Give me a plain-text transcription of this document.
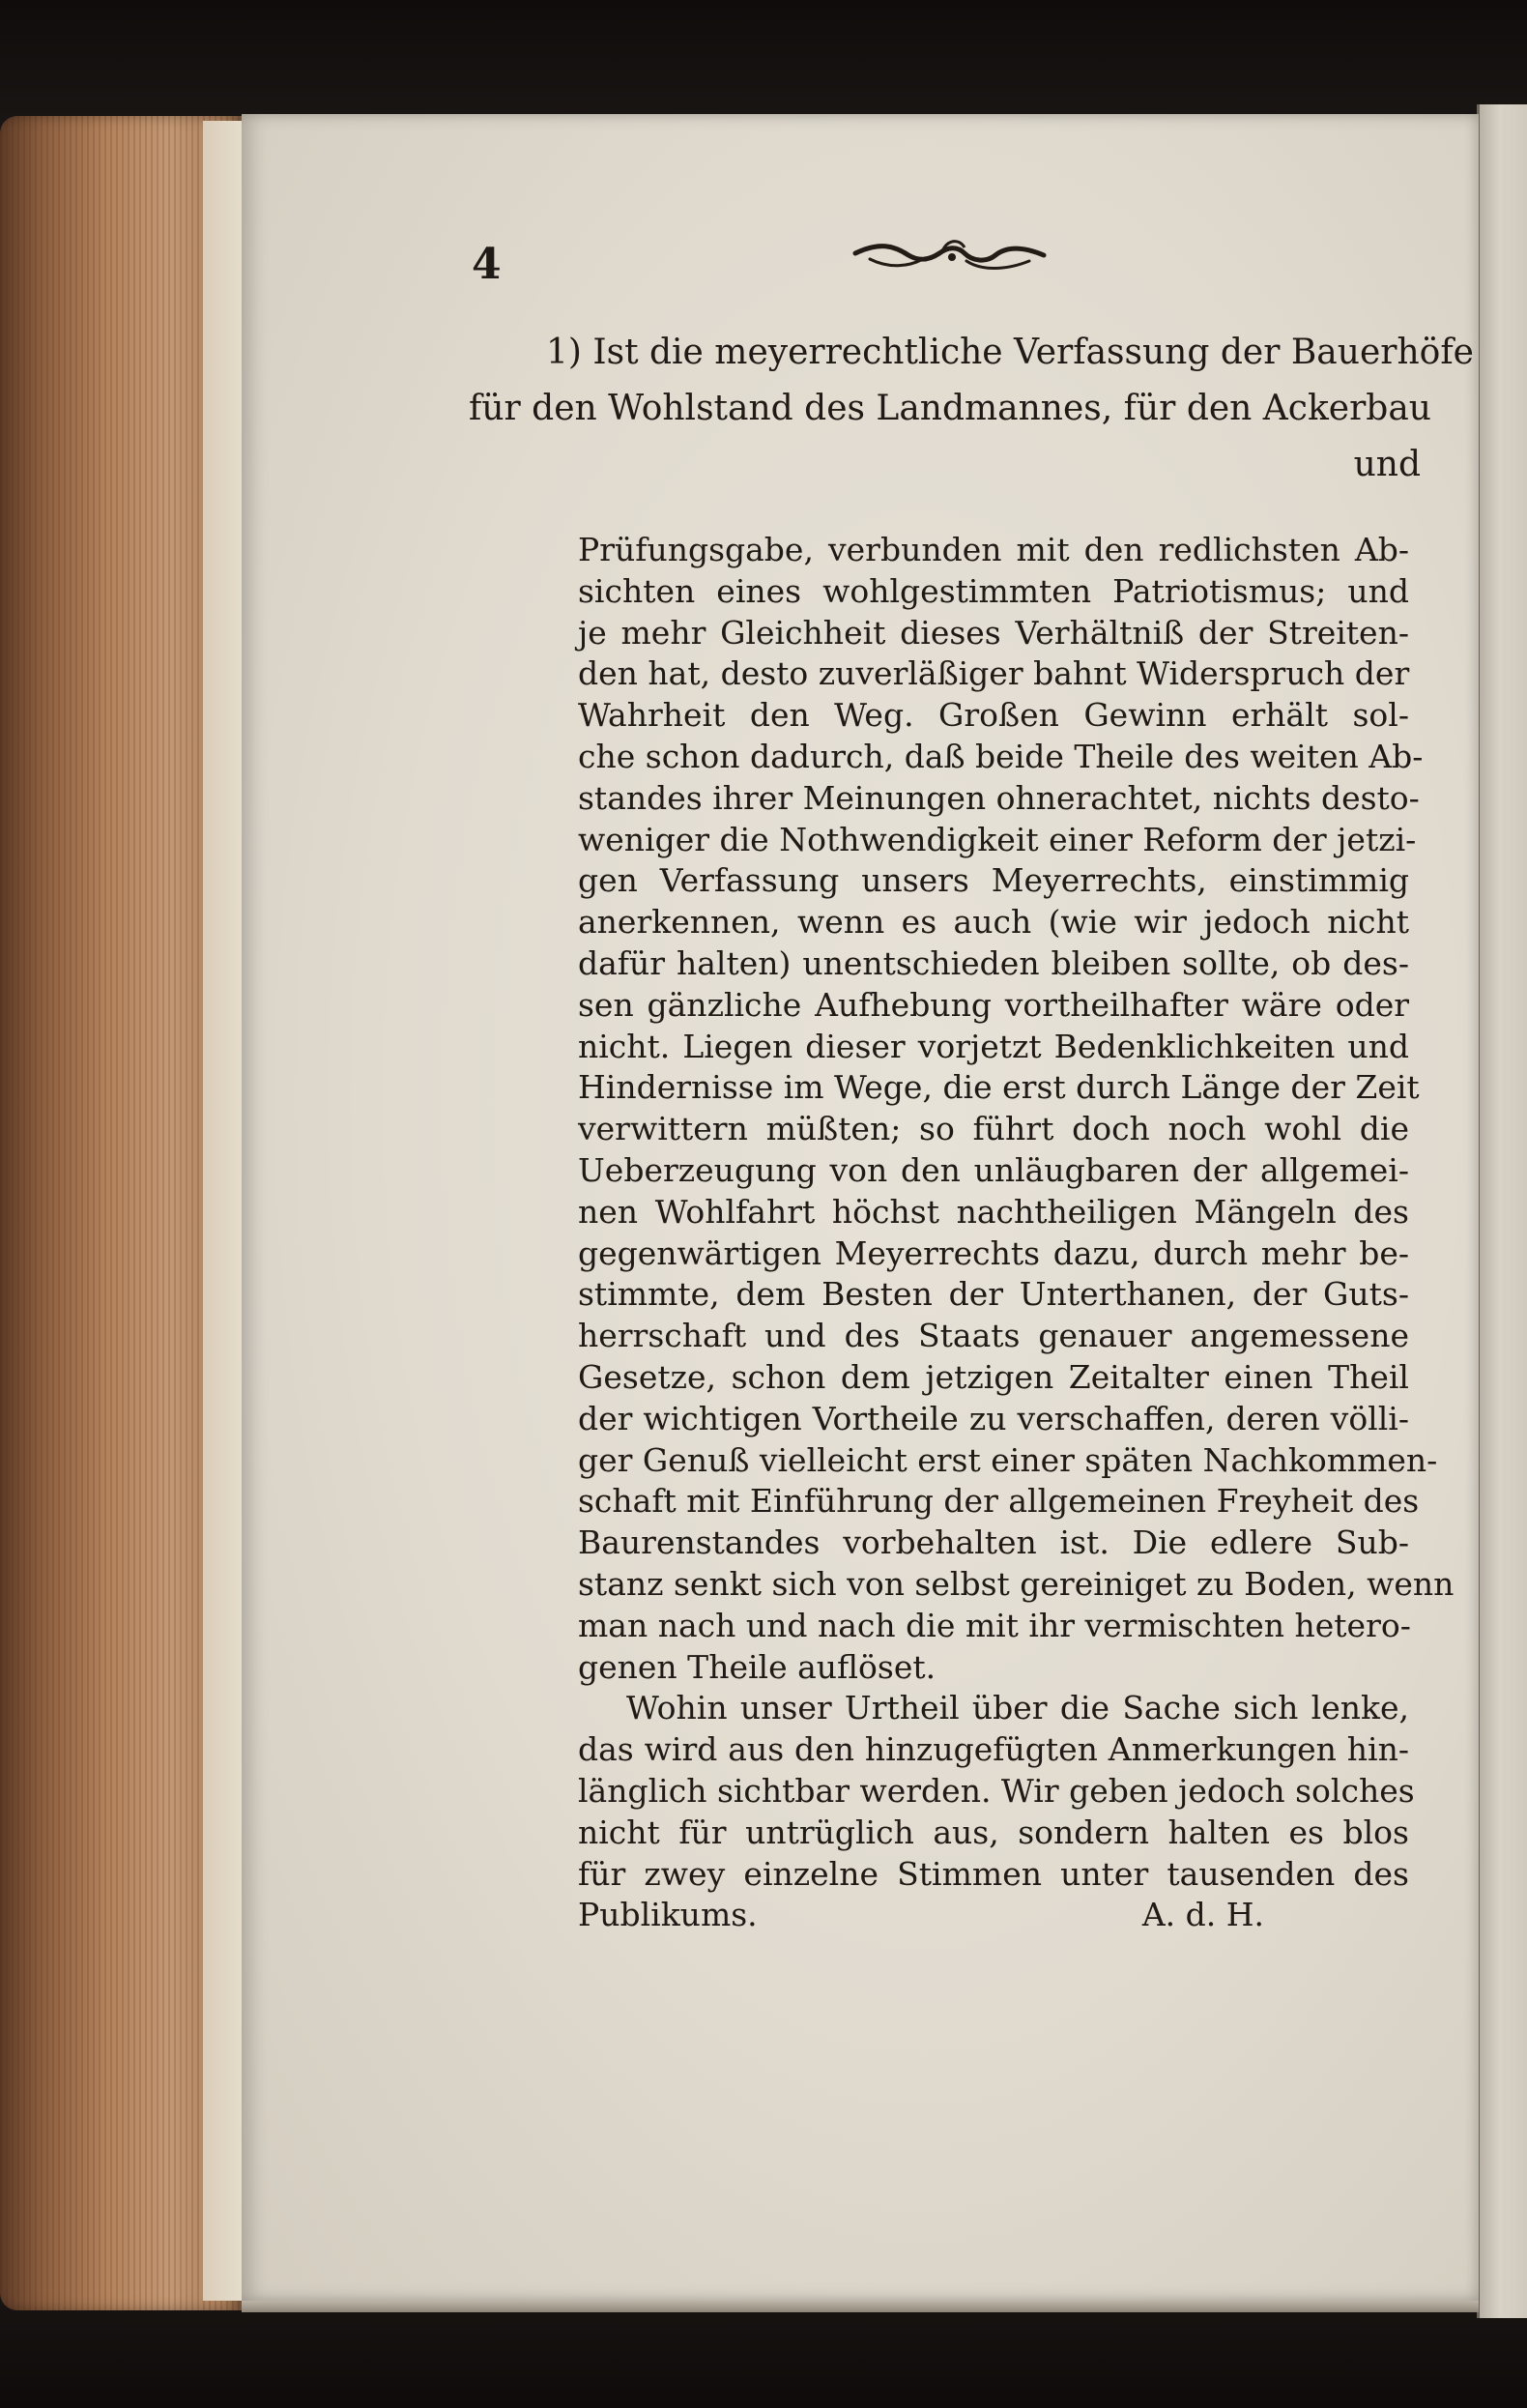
4
1) Ist die meyerrechtliche Verfassung der Bauerhöfe
für den Wohlstand des Landmannes, für den Ackerbau
und
Prüfungsgabe, verbunden mit den redlichsten Ab-
sichten eines wohlgestimmten Patriotismus; und
je mehr Gleichheit dieses Verhältniß der Streiten-
den hat, desto zuverläßiger bahnt Widerspruch der
Wahrheit den Weg. Großen Gewinn erhält sol-
che schon dadurch, daß beide Theile des weiten Ab-
standes ihrer Meinungen ohnerachtet, nichts desto-
weniger die Nothwendigkeit einer Reform der jetzi-
gen Verfassung unsers Meyerrechts, einstimmig
anerkennen, wenn es auch (wie wir jedoch nicht
dafür halten) unentschieden bleiben sollte, ob des-
sen gänzliche Aufhebung vortheilhafter wäre oder
nicht. Liegen dieser vorjetzt Bedenklichkeiten und
Hindernisse im Wege, die erst durch Länge der Zeit
verwittern müßten; so führt doch noch wohl die
Ueberzeugung von den unläugbaren der allgemei-
nen Wohlfahrt höchst nachtheiligen Mängeln des
gegenwärtigen Meyerrechts dazu, durch mehr be-
stimmte, dem Besten der Unterthanen, der Guts-
herrschaft und des Staats genauer angemessene
Gesetze, schon dem jetzigen Zeitalter einen Theil
der wichtigen Vortheile zu verschaffen, deren völli-
ger Genuß vielleicht erst einer späten Nachkommen-
schaft mit Einführung der allgemeinen Freyheit des
Baurenstandes vorbehalten ist. Die edlere Sub-
stanz senkt sich von selbst gereiniget zu Boden, wenn
man nach und nach die mit ihr vermischten hetero-
genen Theile auflöset.
Wohin unser Urtheil über die Sache sich lenke,
das wird aus den hinzugefügten Anmerkungen hin-
länglich sichtbar werden. Wir geben jedoch solches
nicht für untrüglich aus, sondern halten es blos
für zwey einzelne Stimmen unter tausenden des
Publikums.	A. d. H.
